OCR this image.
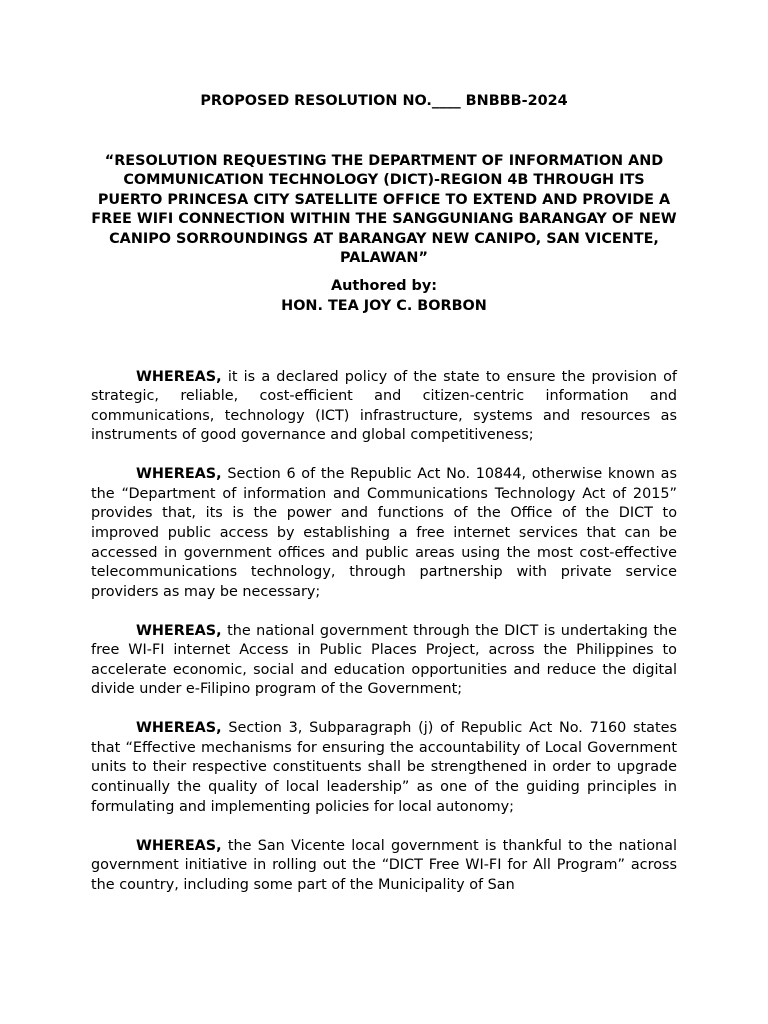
PROPOSED RESOLUTION NO.____ BNBBB-2024

“RESOLUTION REQUESTING THE DEPARTMENT OF INFORMATION AND COMMUNICATION TECHNOLOGY (DICT)-REGION 4B THROUGH ITS PUERTO PRINCESA CITY SATELLITE OFFICE TO EXTEND AND PROVIDE A FREE WIFI CONNECTION WITHIN THE SANGGUNIANG BARANGAY OF NEW CANIPO SORROUNDINGS AT BARANGAY NEW CANIPO, SAN VICENTE, PALAWAN”

Authored by:
HON. TEA JOY C. BORBON

WHEREAS, it is a declared policy of the state to ensure the provision of strategic, reliable, cost-efficient and citizen-centric information and communications, technology (ICT) infrastructure, systems and resources as instruments of good governance and global competitiveness;

WHEREAS, Section 6 of the Republic Act No. 10844, otherwise known as the “Department of information and Communications Technology Act of 2015” provides that, its is the power and functions of the Office of the DICT to improved public access by establishing a free internet services that can be accessed in government offices and public areas using the most cost-effective telecommunications technology, through partnership with private service providers as may be necessary;

WHEREAS, the national government through the DICT is undertaking the free WI-FI internet Access in Public Places Project, across the Philippines to accelerate economic, social and education opportunities and reduce the digital divide under e-Filipino program of the Government;

WHEREAS, Section 3, Subparagraph (j) of Republic Act No. 7160 states that “Effective mechanisms for ensuring the accountability of Local Government units to their respective constituents shall be strengthened in order to upgrade continually the quality of local leadership” as one of the guiding principles in formulating and implementing policies for local autonomy;

WHEREAS, the San Vicente local government is thankful to the national government initiative in rolling out the “DICT Free WI-FI for All Program” across the country, including some part of the Municipality of San
